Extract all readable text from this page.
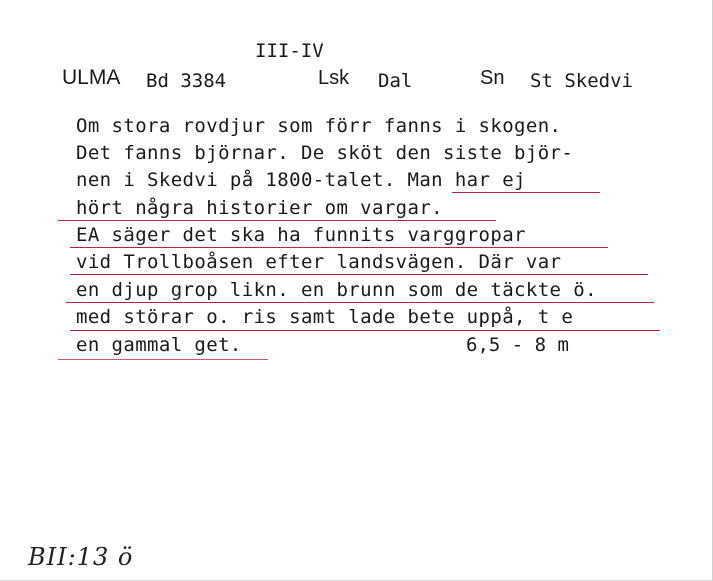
III-IV
ULMA Bd 3384	Lsk Dal	Sn St Skedvi
Om stora rovdjur som förr fanns i skogen.
Det fanns björnar. De sköt den siste björ-
nen i Skedvi på 1800-talet. Man har ej
hört några historier om vargar.
EA säger det ska ha funnits varggropar
vid Trollboåsen efter landsvägen. Där var
en djup grop likn. en brunn som de täckte ö.
med störar o. ris samt lade bete uppå, t e
en gammal get.	6,5 - 8 m
BII:13 ö
